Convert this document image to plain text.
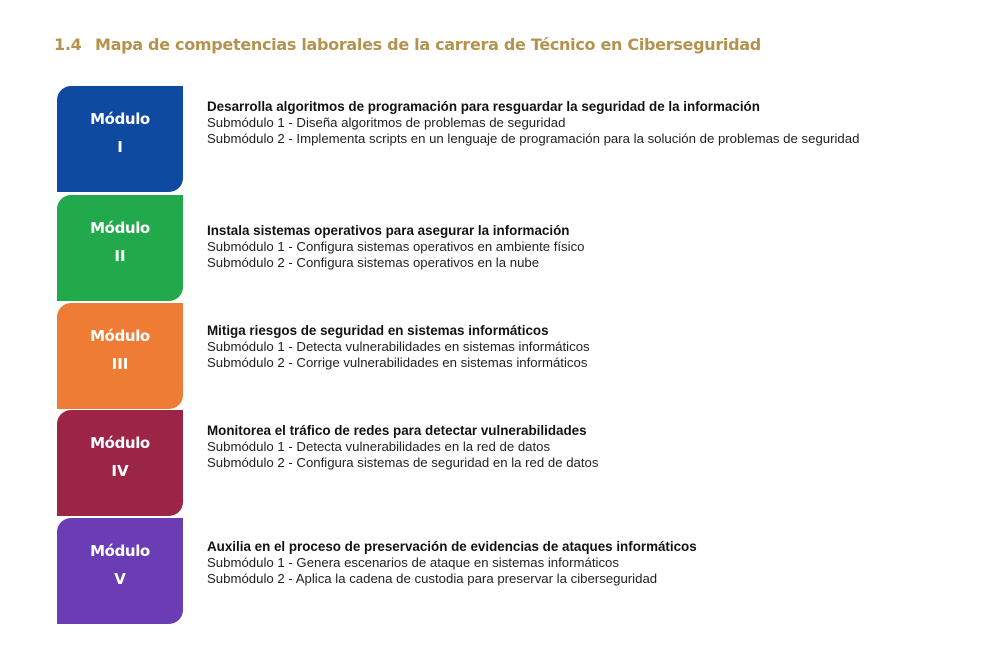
1.4 Mapa de competencias laborales de la carrera de Técnico en Ciberseguridad
Módulo
I
Desarrolla algoritmos de programación para resguardar la seguridad de la información
Submódulo 1 - Diseña algoritmos de problemas de seguridad
Submódulo 2 - Implementa scripts en un lenguaje de programación para la solución de problemas de seguridad
Módulo
II
Instala sistemas operativos para asegurar la información
Submódulo 1 - Configura sistemas operativos en ambiente físico
Submódulo 2 - Configura sistemas operativos en la nube
Módulo
III
Mitiga riesgos de seguridad en sistemas informáticos
Submódulo 1 - Detecta vulnerabilidades en sistemas informáticos
Submódulo 2 - Corrige vulnerabilidades en sistemas informáticos
Módulo
IV
Monitorea el tráfico de redes para detectar vulnerabilidades
Submódulo 1 - Detecta vulnerabilidades en la red de datos
Submódulo 2 - Configura sistemas de seguridad en la red de datos
Módulo
V
Auxilia en el proceso de preservación de evidencias de ataques informáticos
Submódulo 1 - Genera escenarios de ataque en sistemas informáticos
Submódulo 2 - Aplica la cadena de custodia para preservar la ciberseguridad
